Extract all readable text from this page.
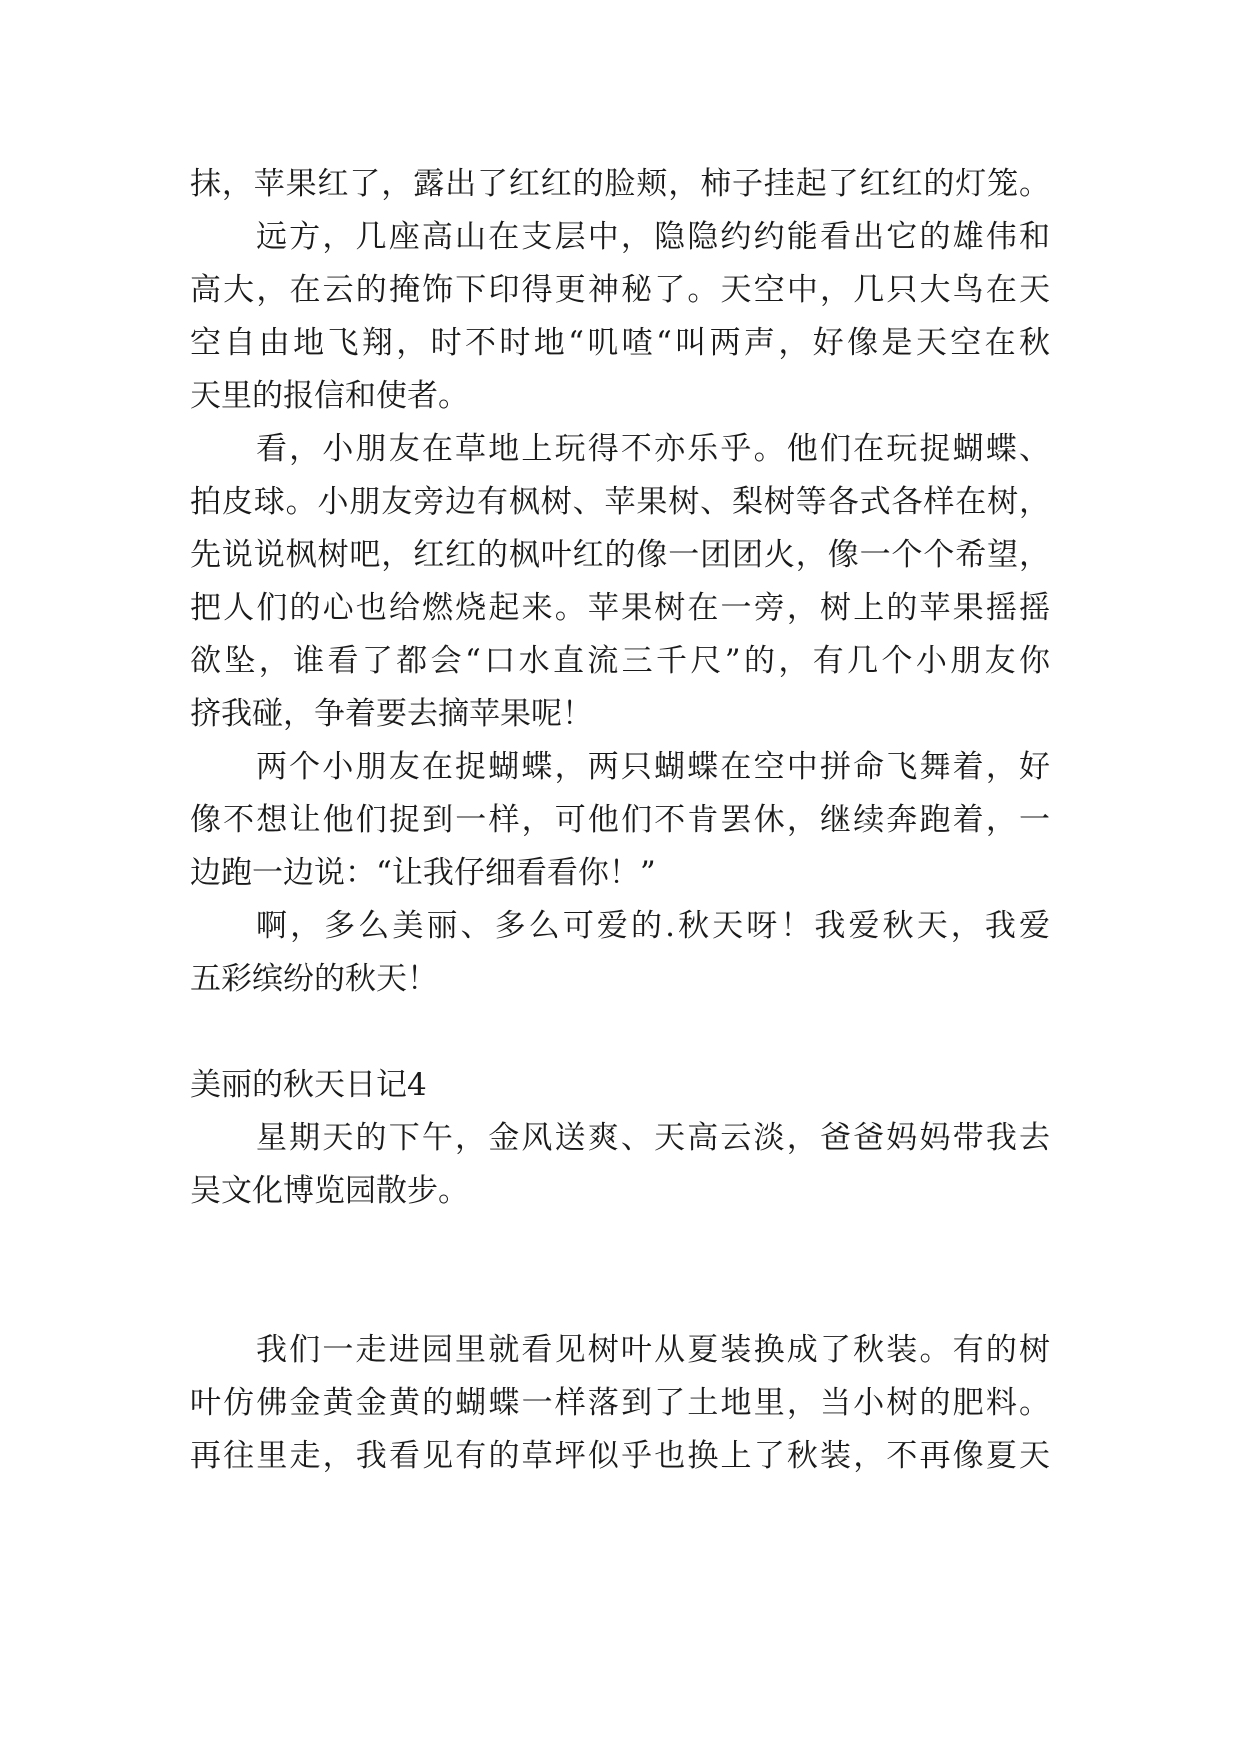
抹，苹果红了，露出了红红的脸颊，柿子挂起了红红的灯笼。
远方，几座高山在支层中，隐隐约约能看出它的雄伟和
高大，在云的掩饰下印得更神秘了。天空中，几只大鸟在天
空自由地飞翔，时不时地“叽喳“叫两声，好像是天空在秋
天里的报信和使者。
看，小朋友在草地上玩得不亦乐乎。他们在玩捉蝴蝶、
拍皮球。小朋友旁边有枫树、苹果树、梨树等各式各样在树，
先说说枫树吧，红红的枫叶红的像一团团火，像一个个希望，
把人们的心也给燃烧起来。苹果树在一旁，树上的苹果摇摇
欲坠，谁看了都会“口水直流三千尺”的，有几个小朋友你
挤我碰，争着要去摘苹果呢！
两个小朋友在捉蝴蝶，两只蝴蝶在空中拼命飞舞着，好
像不想让他们捉到一样，可他们不肯罢休，继续奔跑着，一
边跑一边说：“让我仔细看看你！”
啊，多么美丽、多么可爱的.秋天呀！我爱秋天，我爱
五彩缤纷的秋天！
美丽的秋天日记4
星期天的下午，金风送爽、天高云淡，爸爸妈妈带我去
吴文化博览园散步。
我们一走进园里就看见树叶从夏装换成了秋装。有的树
叶仿佛金黄金黄的蝴蝶一样落到了土地里，当小树的肥料。
再往里走，我看见有的草坪似乎也换上了秋装，不再像夏天
